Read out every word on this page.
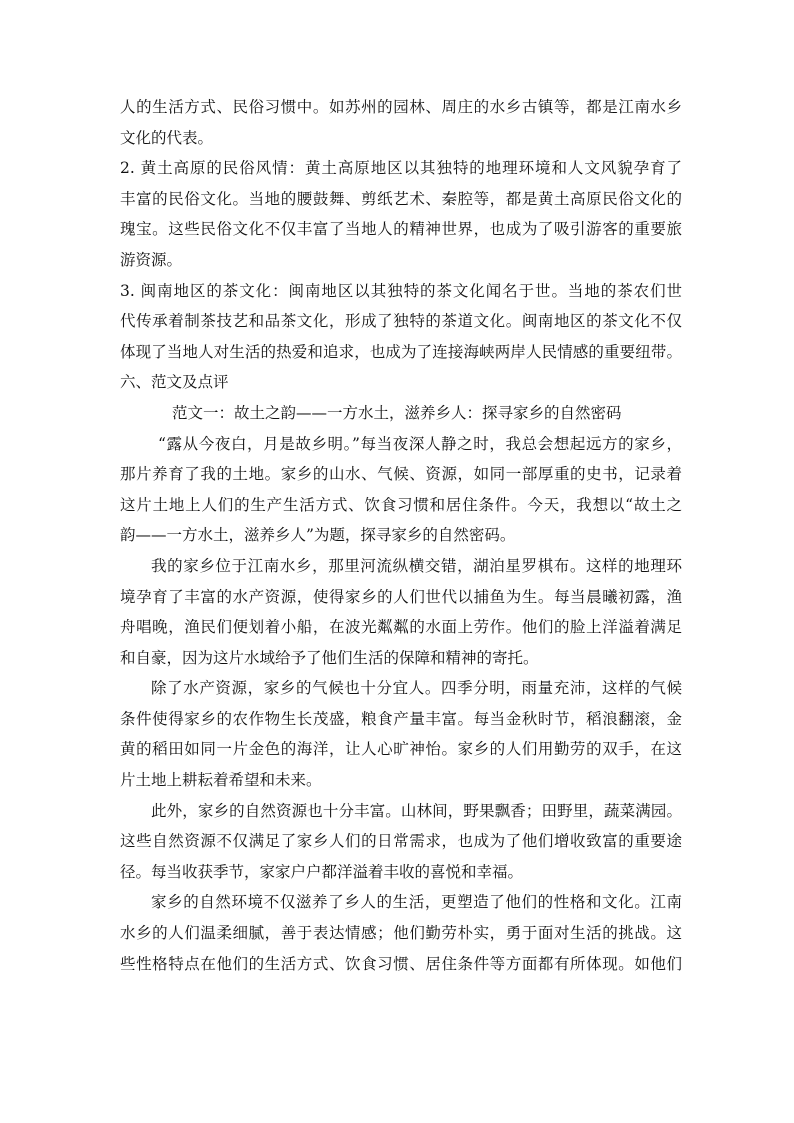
人的生活方式、民俗习惯中。如苏州的园林、周庄的水乡古镇等，都是江南水乡
文化的代表。
2. 黄土高原的民俗风情：黄土高原地区以其独特的地理环境和人文风貌孕育了
丰富的民俗文化。当地的腰鼓舞、剪纸艺术、秦腔等，都是黄土高原民俗文化的
瑰宝。这些民俗文化不仅丰富了当地人的精神世界，也成为了吸引游客的重要旅
游资源。
3. 闽南地区的茶文化：闽南地区以其独特的茶文化闻名于世。当地的茶农们世
代传承着制茶技艺和品茶文化，形成了独特的茶道文化。闽南地区的茶文化不仅
体现了当地人对生活的热爱和追求，也成为了连接海峡两岸人民情感的重要纽带。
六、范文及点评
范文一：故土之韵——一方水土，滋养乡人：探寻家乡的自然密码
“露从今夜白，月是故乡明。”每当夜深人静之时，我总会想起远方的家乡，
那片养育了我的土地。家乡的山水、气候、资源，如同一部厚重的史书，记录着
这片土地上人们的生产生活方式、饮食习惯和居住条件。今天，我想以“故土之
韵——一方水土，滋养乡人”为题，探寻家乡的自然密码。
我的家乡位于江南水乡，那里河流纵横交错，湖泊星罗棋布。这样的地理环
境孕育了丰富的水产资源，使得家乡的人们世代以捕鱼为生。每当晨曦初露，渔
舟唱晚，渔民们便划着小船，在波光粼粼的水面上劳作。他们的脸上洋溢着满足
和自豪，因为这片水域给予了他们生活的保障和精神的寄托。
除了水产资源，家乡的气候也十分宜人。四季分明，雨量充沛，这样的气候
条件使得家乡的农作物生长茂盛，粮食产量丰富。每当金秋时节，稻浪翻滚，金
黄的稻田如同一片金色的海洋，让人心旷神怡。家乡的人们用勤劳的双手，在这
片土地上耕耘着希望和未来。
此外，家乡的自然资源也十分丰富。山林间，野果飘香；田野里，蔬菜满园。
这些自然资源不仅满足了家乡人们的日常需求，也成为了他们增收致富的重要途
径。每当收获季节，家家户户都洋溢着丰收的喜悦和幸福。
家乡的自然环境不仅滋养了乡人的生活，更塑造了他们的性格和文化。江南
水乡的人们温柔细腻，善于表达情感；他们勤劳朴实，勇于面对生活的挑战。这
些性格特点在他们的生活方式、饮食习惯、居住条件等方面都有所体现。如他们
